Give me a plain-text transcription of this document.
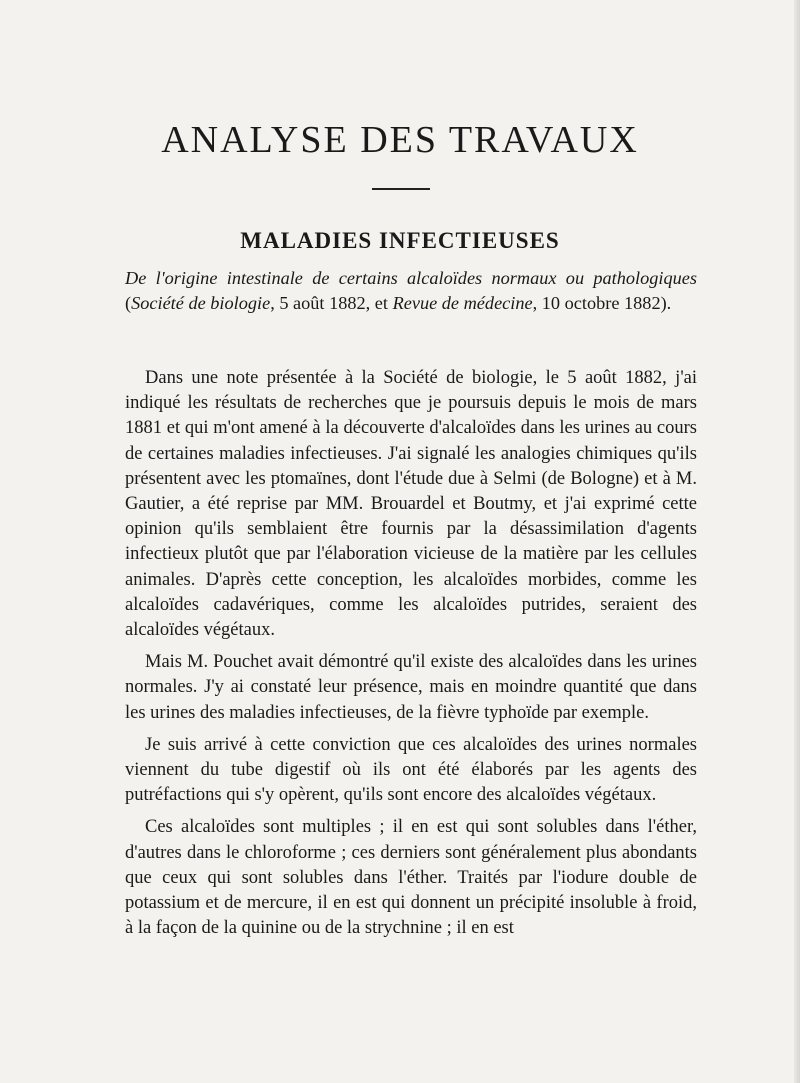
ANALYSE DES TRAVAUX
MALADIES INFECTIEUSES
De l'origine intestinale de certains alcaloïdes normaux ou pathologiques (Société de biologie, 5 août 1882, et Revue de médecine, 10 octobre 1882).

Dans une note présentée à la Société de biologie, le 5 août 1882, j'ai indiqué les résultats de recherches que je poursuis depuis le mois de mars 1881 et qui m'ont amené à la découverte d'alcaloïdes dans les urines au cours de certaines maladies infectieuses. J'ai signalé les analogies chimiques qu'ils présentent avec les ptomaïnes, dont l'étude due à Selmi (de Bologne) et à M. Gautier, a été reprise par MM. Brouardel et Boutmy, et j'ai exprimé cette opinion qu'ils semblaient être fournis par la désassimilation d'agents infectieux plutôt que par l'élaboration vicieuse de la matière par les cellules animales. D'après cette conception, les alcaloïdes morbides, comme les alcaloïdes cadavériques, comme les alcaloïdes putrides, seraient des alcaloïdes végétaux.

Mais M. Pouchet avait démontré qu'il existe des alcaloïdes dans les urines normales. J'y ai constaté leur présence, mais en moindre quantité que dans les urines des maladies infectieuses, de la fièvre typhoïde par exemple.

Je suis arrivé à cette conviction que ces alcaloïdes des urines normales viennent du tube digestif où ils ont été élaborés par les agents des putréfactions qui s'y opèrent, qu'ils sont encore des alcaloïdes végétaux.

Ces alcaloïdes sont multiples ; il en est qui sont solubles dans l'éther, d'autres dans le chloroforme ; ces derniers sont généralement plus abondants que ceux qui sont solubles dans l'éther. Traités par l'iodure double de potassium et de mercure, il en est qui donnent un précipité insoluble à froid, à la façon de la quinine ou de la strychnine ; il en est
